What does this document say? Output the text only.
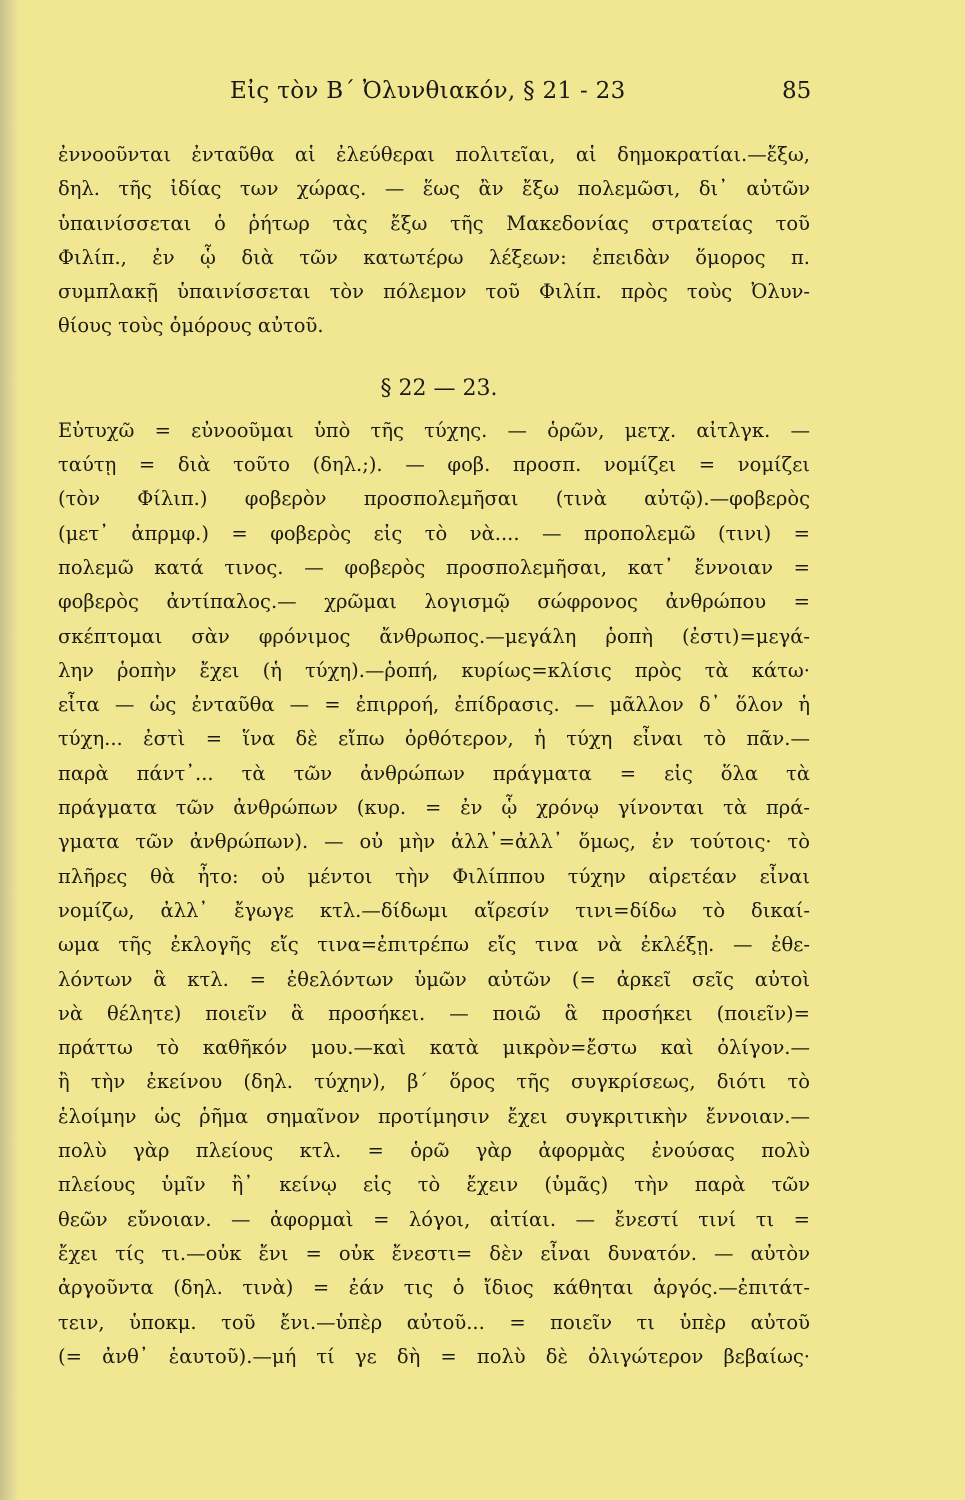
Εἰς τὸν Β΄ Ὀλυνθιακόν, § 21 - 23	85
ἐννοοῦνται ἐνταῦθα αἱ ἐλεύθεραι πολιτεῖαι, αἱ δημοκρατίαι.—ἔξω,
δηλ. τῆς ἰδίας των χώρας. — ἕως ἂν ἔξω πολεμῶσι, δι᾽ αὐτῶν
ὑπαινίσσεται ὁ ῥήτωρ τὰς ἔξω τῆς Μακεδονίας στρατείας τοῦ
Φιλίπ., ἐν ᾧ διὰ τῶν κατωτέρω λέξεων: ἐπειδὰν ὅμορος π.
συμπλακῇ ὑπαινίσσεται τὸν πόλεμον τοῦ Φιλίπ. πρὸς τοὺς Ὀλυν-
θίους τοὺς ὁμόρους αὐτοῦ.
§ 22 — 23.
Εὐτυχῶ = εὐνοοῦμαι ὑπὸ τῆς τύχης. — ὁρῶν, μετχ. αἰτλγκ. —
ταύτῃ = διὰ τοῦτο (δηλ.;). — φοβ. προσπ. νομίζει = νομίζει
(τὸν Φίλιπ.) φοβερὸν προσπολεμῆσαι (τινὰ αὐτῷ).—φοβερὸς
(μετ᾽ ἀπρμφ.) = φοβερὸς εἰς τὸ νὰ.... — προπολεμῶ (τινι) =
πολεμῶ κατά τινος. — φοβερὸς προσπολεμῆσαι, κατ᾽ ἔννοιαν =
φοβερὸς ἀντίπαλος.— χρῶμαι λογισμῷ σώφρονος ἀνθρώπου =
σκέπτομαι σὰν φρόνιμος ἄνθρωπος.—μεγάλη ῥοπὴ (ἐστι)=μεγά-
λην ῥοπὴν ἔχει (ἡ τύχη).—ῥοπή, κυρίως=κλίσις πρὸς τὰ κάτω·
εἶτα — ὡς ἐνταῦθα — = ἐπιρροή, ἐπίδρασις. — μᾶλλον δ᾽ ὅλον ἡ
τύχη... ἐστὶ = ἵνα δὲ εἴπω ὀρθότερον, ἡ τύχη εἶναι τὸ πᾶν.—
παρὰ πάντ᾽... τὰ τῶν ἀνθρώπων πράγματα = εἰς ὅλα τὰ
πράγματα τῶν ἀνθρώπων (κυρ. = ἐν ᾧ χρόνῳ γίνονται τὰ πρά-
γματα τῶν ἀνθρώπων). — οὐ μὴν ἀλλ᾽=ἀλλ᾽ ὅμως, ἐν τούτοις· τὸ
πλῆρες θὰ ἦτο: οὐ μέντοι τὴν Φιλίππου τύχην αἱρετέαν εἶναι
νομίζω, ἀλλ᾽ ἔγωγε κτλ.—δίδωμι αἵρεσίν τινι=δίδω τὸ δικαί-
ωμα τῆς ἐκλογῆς εἴς τινα=ἐπιτρέπω εἴς τινα νὰ ἐκλέξῃ. — ἐθε-
λόντων ἃ κτλ. = ἐθελόντων ὑμῶν αὐτῶν (= ἀρκεῖ σεῖς αὐτοὶ
νὰ θέλητε) ποιεῖν ἃ προσήκει. — ποιῶ ἃ προσήκει (ποιεῖν)=
πράττω τὸ καθῆκόν μου.—καὶ κατὰ μικρὸν=ἔστω καὶ ὀλίγον.—
ἢ τὴν ἐκείνου (δηλ. τύχην), β΄ ὅρος τῆς συγκρίσεως, διότι τὸ
ἑλοίμην ὡς ῥῆμα σημαῖνον προτίμησιν ἔχει συγκριτικὴν ἔννοιαν.—
πολὺ γὰρ πλείους κτλ. = ὁρῶ γὰρ ἀφορμὰς ἐνούσας πολὺ
πλείους ὑμῖν ἢ᾽ κείνῳ εἰς τὸ ἔχειν (ὑμᾶς) τὴν παρὰ τῶν
θεῶν εὔνοιαν. — ἀφορμαὶ = λόγοι, αἰτίαι. — ἔνεστί τινί τι =
ἔχει τίς τι.—οὐκ ἔνι = οὐκ ἔνεστι= δὲν εἶναι δυνατόν. — αὐτὸν
ἀργοῦντα (δηλ. τινὰ) = ἐάν τις ὁ ἴδιος κάθηται ἀργός.—ἐπιτάτ-
τειν, ὑποκμ. τοῦ ἔνι.—ὑπὲρ αὐτοῦ... = ποιεῖν τι ὑπὲρ αὐτοῦ
(= ἀνθ᾽ ἑαυτοῦ).—μή τί γε δὴ = πολὺ δὲ ὀλιγώτερον βεβαίως·
